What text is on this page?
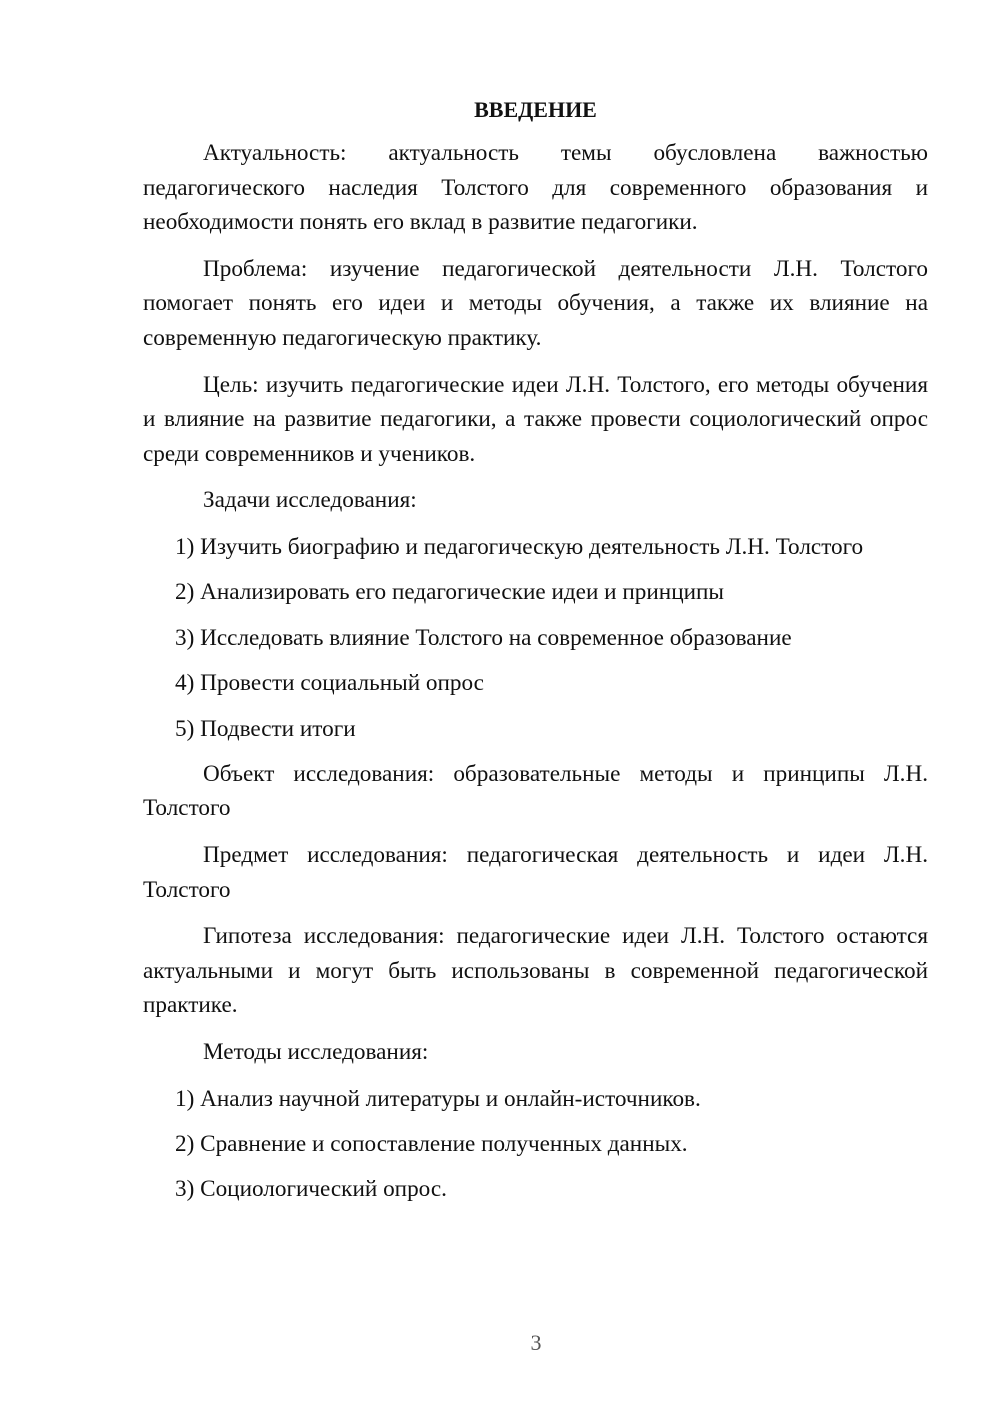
ВВЕДЕНИЕ

Актуальность: актуальность темы обусловлена важностью педагогического наследия Толстого для современного образования и необходимости понять его вклад в развитие педагогики.

Проблема: изучение педагогической деятельности Л.Н. Толстого помогает понять его идеи и методы обучения, а также их влияние на современную педагогическую практику.

Цель: изучить педагогические идеи Л.Н. Толстого, его методы обучения и влияние на развитие педагогики, а также провести социологический опрос среди современников и учеников.

Задачи исследования:

1) Изучить биографию и педагогическую деятельность Л.Н. Толстого
2) Анализировать его педагогические идеи и принципы
3) Исследовать влияние Толстого на современное образование
4) Провести социальный опрос
5) Подвести итоги

Объект исследования: образовательные методы и принципы Л.Н. Толстого

Предмет исследования: педагогическая деятельность и идеи Л.Н. Толстого

Гипотеза исследования: педагогические идеи Л.Н. Толстого остаются актуальными и могут быть использованы в современной педагогической практике.

Методы исследования:

1) Анализ научной литературы и онлайн-источников.
2) Сравнение и сопоставление полученных данных.
3) Социологический опрос.
3
